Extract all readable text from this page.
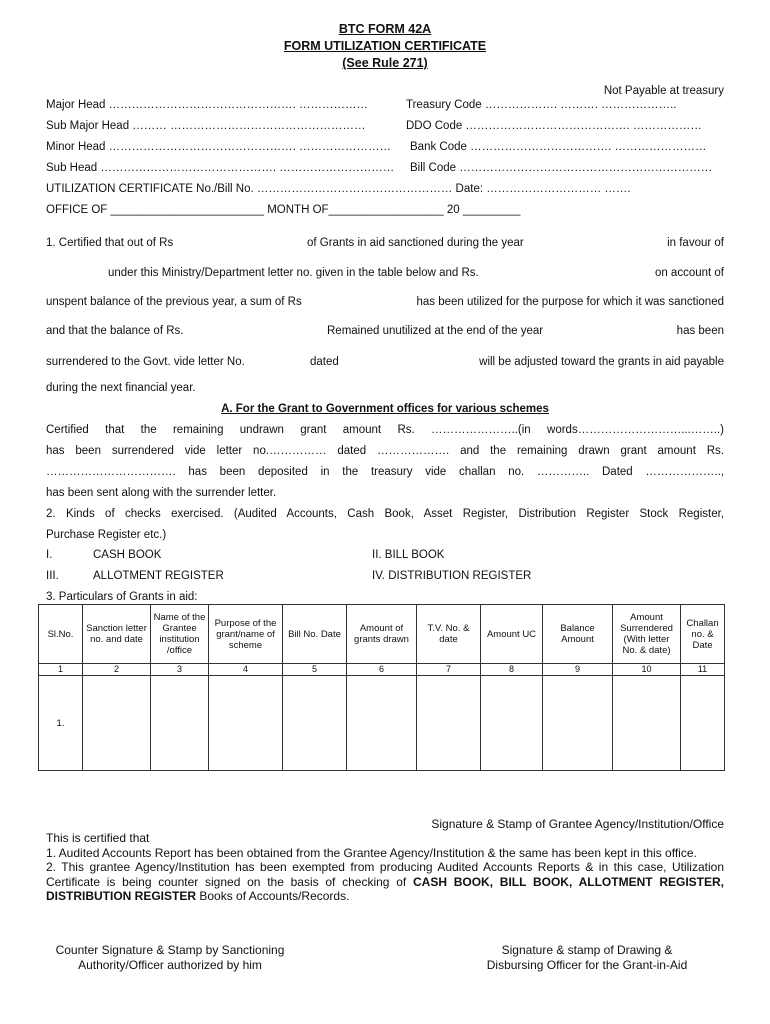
BTC FORM 42A
FORM UTILIZATION CERTIFICATE
(See Rule 271)
Not Payable at treasury
Major Head …………………………………………. ………………	Treasury Code ………………. ………. ………………..
Sub Major Head ……… ……………………………………………	DDO Code ……………………………………. ………………
Minor Head …………………………………………. …………………… Bank Code ………………………………. ……………………
Sub Head ………………………………………. ………………………… Bill Code …………………………………………………………
UTILIZATION CERTIFICATE No./Bill No. …………………………………………… Date: ………………………… …….
OFFICE OF ________________________ MONTH OF__________________ 20 _________
1. Certified that out of Rs	of Grants in aid sanctioned during the year	in favour of
under this Ministry/Department letter no. given in the table below and Rs.	on account of
unspent balance of the previous year, a sum of Rs	has been utilized for the purpose for which it was sanctioned
and that the balance of Rs.	Remained unutilized at the end of the year	has been
surrendered to the Govt. vide letter No.	dated	will be adjusted toward the grants in aid payable
during the next financial year.
A. For the Grant to Government offices for various schemes
Certified that the remaining undrawn grant amount Rs. …………………..(in words………………………...……..)
has been surrendered vide letter no.…………… dated ………………. and the remaining drawn grant amount Rs.
……………………………. has been deposited in the treasury vide challan no. ………….. Dated ………………..,
has been sent along with the surrender letter.
2. Kinds of checks exercised. (Audited Accounts, Cash Book, Asset Register, Distribution Register Stock Register,
Purchase Register etc.)
I.	CASH BOOK	II. BILL BOOK
III.	ALLOTMENT REGISTER	IV. DISTRIBUTION REGISTER
3. Particulars of Grants in aid:
Sl.No.	Sanction letter no. and date	Name of the Grantee institution /office	Purpose of the grant/name of scheme	Bill No. Date	Amount of grants drawn	T.V. No. & date	Amount UC	Balance Amount	Amount Surrendered (With letter No. & date)	Challan no. & Date
1	2	3	4	5	6	7	8	9	10	11
1.										
Signature & Stamp of Grantee Agency/Institution/Office

This is certified that

1. Audited Accounts Report has been obtained from the Grantee Agency/Institution & the same has been kept in this office.

2. This grantee Agency/Institution has been exempted from producing Audited Accounts Reports & in this case, Utilization Certificate is being counter signed on the basis of checking of CASH BOOK, BILL BOOK, ALLOTMENT REGISTER, DISTRIBUTION REGISTER Books of Accounts/Records.

Counter Signature & Stamp by Sanctioning
Authority/Officer authorized by him
Signature & stamp of Drawing &
Disbursing Officer for the Grant-in-Aid
